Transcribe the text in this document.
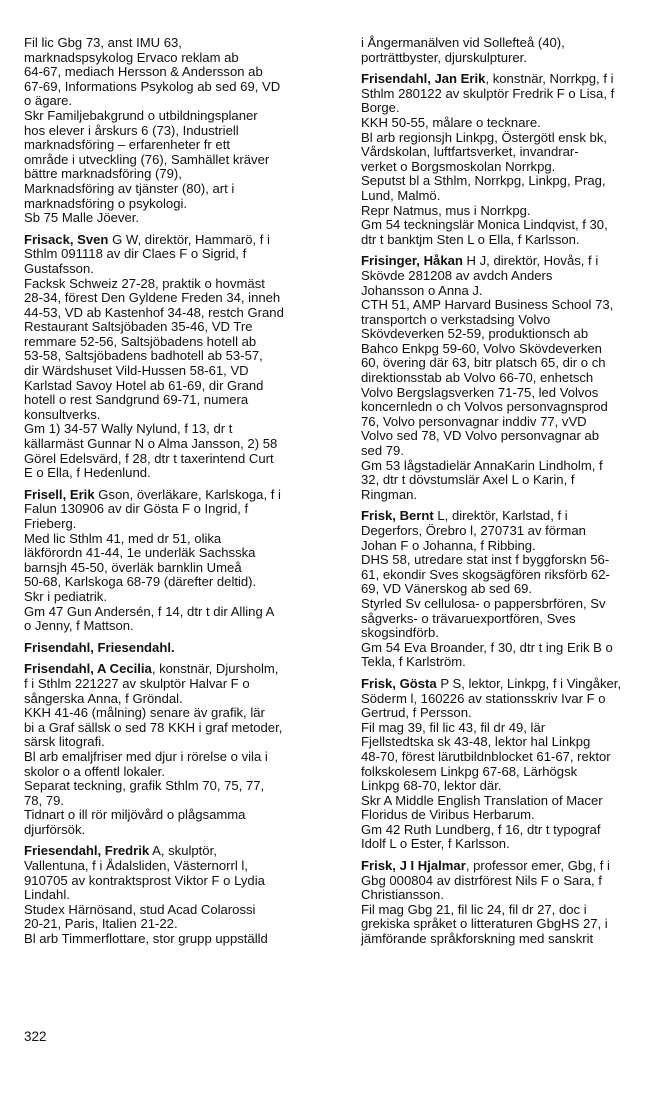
Fil lic Gbg 73, anst IMU 63,
marknadspsykolog Ervaco reklam ab
64-67, mediach Hersson & Andersson ab
67-69, Informations Psykolog ab sed 69, VD
o ägare.
Skr Familjebakgrund o utbildningsplaner
hos elever i årskurs 6 (73), Industriell
marknadsföring – erfarenheter fr ett
område i utveckling (76), Samhället kräver
bättre marknadsföring (79),
Marknadsföring av tjänster (80), art i
marknadsföring o psykologi.
Sb 75 Malle Jöever.
Frisack, Sven G W, direktör, Hammarö, f i
Sthlm 091118 av dir Claes F o Sigrid, f
Gustafsson.
Facksk Schweiz 27-28, praktik o hovmäst
28-34, förest Den Gyldene Freden 34, inneh
44-53, VD ab Kastenhof 34-48, restch Grand
Restaurant Saltsjöbaden 35-46, VD Tre
remmare 52-56, Saltsjöbadens hotell ab
53-58, Saltsjöbadens badhotell ab 53-57,
dir Wärdshuset Vild-Hussen 58-61, VD
Karlstad Savoy Hotel ab 61-69, dir Grand
hotell o rest Sandgrund 69-71, numera
konsultverks.
Gm 1) 34-57 Wally Nylund, f 13, dr t
källarmäst Gunnar N o Alma Jansson, 2) 58
Görel Edelsvärd, f 28, dtr t taxerintend Curt
E o Ella, f Hedenlund.
Frisell, Erik Gson, överläkare, Karlskoga, f i
Falun 130906 av dir Gösta F o Ingrid, f
Frieberg.
Med lic Sthlm 41, med dr 51, olika
läkförordn 41-44, 1e underläk Sachsska
barnsjh 45-50, överläk barnklin Umeå
50-68, Karlskoga 68-79 (därefter deltid).
Skr i pediatrik.
Gm 47 Gun Andersén, f 14, dtr t dir Alling A
o Jenny, f Mattson.
Frisendahl, Friesendahl.
Frisendahl, A Cecilia, konstnär, Djursholm,
f i Sthlm 221227 av skulptör Halvar F o
sångerska Anna, f Gröndal.
KKH 41-46 (målning) senare äv grafik, lär
bi a Graf sällsk o sed 78 KKH i graf metoder,
särsk litografi.
Bl arb emaljfriser med djur i rörelse o vila i
skolor o a offentl lokaler.
Separat teckning, grafik Sthlm 70, 75, 77,
78, 79.
Tidnart o ill rör miljövård o plågsamma
djurförsök.
Friesendahl, Fredrik A, skulptör,
Vallentuna, f i Ådalsliden, Västernorrl l,
910705 av kontraktsprost Viktor F o Lydia
Lindahl.
Studex Härnösand, stud Acad Colarossi
20-21, Paris, Italien 21-22.
Bl arb Timmerflottare, stor grupp uppställd
i Ångermanälven vid Sollefteå (40),
porträttbyster, djurskulpturer.
Frisendahl, Jan Erik, konstnär, Norrkpg, f i
Sthlm 280122 av skulptör Fredrik F o Lisa, f
Borge.
KKH 50-55, målare o tecknare.
Bl arb regionsjh Linkpg, Östergötl ensk bk,
Vårdskolan, luftfartsverket, invandrar-
verket o Borgsmoskolan Norrkpg.
Seputst bl a Sthlm, Norrkpg, Linkpg, Prag,
Lund, Malmö.
Repr Natmus, mus i Norrkpg.
Gm 54 teckningslär Monica Lindqvist, f 30,
dtr t banktjm Sten L o Ella, f Karlsson.
Frisinger, Håkan H J, direktör, Hovås, f i
Skövde 281208 av avdch Anders
Johansson o Anna J.
CTH 51, AMP Harvard Business School 73,
transportch o verkstadsing Volvo
Skövdeverken 52-59, produktionsch ab
Bahco Enkpg 59-60, Volvo Skövdeverken
60, övering där 63, bitr platsch 65, dir o ch
direktionsstab ab Volvo 66-70, enhetsch
Volvo Bergslagsverken 71-75, led Volvos
koncernledn o ch Volvos personvagnsprod
76, Volvo personvagnar inddiv 77, vVD
Volvo sed 78, VD Volvo personvagnar ab
sed 79.
Gm 53 lågstadielär AnnaKarin Lindholm, f
32, dtr t dövstumslär Axel L o Karin, f
Ringman.
Frisk, Bernt L, direktör, Karlstad, f i
Degerfors, Örebro l, 270731 av förman
Johan F o Johanna, f Ribbing.
DHS 58, utredare stat inst f byggforskn 56-
61, ekondir Sves skogsägfören riksförb 62-
69, VD Vänerskog ab sed 69.
Styrled Sv cellulosa- o pappersbrfören, Sv
sågverks- o trävaruexportfören, Sves
skogsindförb.
Gm 54 Eva Broander, f 30, dtr t ing Erik B o
Tekla, f Karlström.
Frisk, Gösta P S, lektor, Linkpg, f i Vingåker,
Söderm l, 160226 av stationsskriv Ivar F o
Gertrud, f Persson.
Fil mag 39, fil lic 43, fil dr 49, lär
Fjellstedtska sk 43-48, lektor hal Linkpg
48-70, förest lärutbildnblocket 61-67, rektor
folkskolesem Linkpg 67-68, Lärhögsk
Linkpg 68-70, lektor där.
Skr A Middle English Translation of Macer
Floridus de Viribus Herbarum.
Gm 42 Ruth Lundberg, f 16, dtr t typograf
Idolf L o Ester, f Karlsson.
Frisk, J I Hjalmar, professor emer, Gbg, f i
Gbg 000804 av distrförest Nils F o Sara, f
Christiansson.
Fil mag Gbg 21, fil lic 24, fil dr 27, doc i
grekiska språket o litteraturen GbgHS 27, i
jämförande språkforskning med sanskrit
322
